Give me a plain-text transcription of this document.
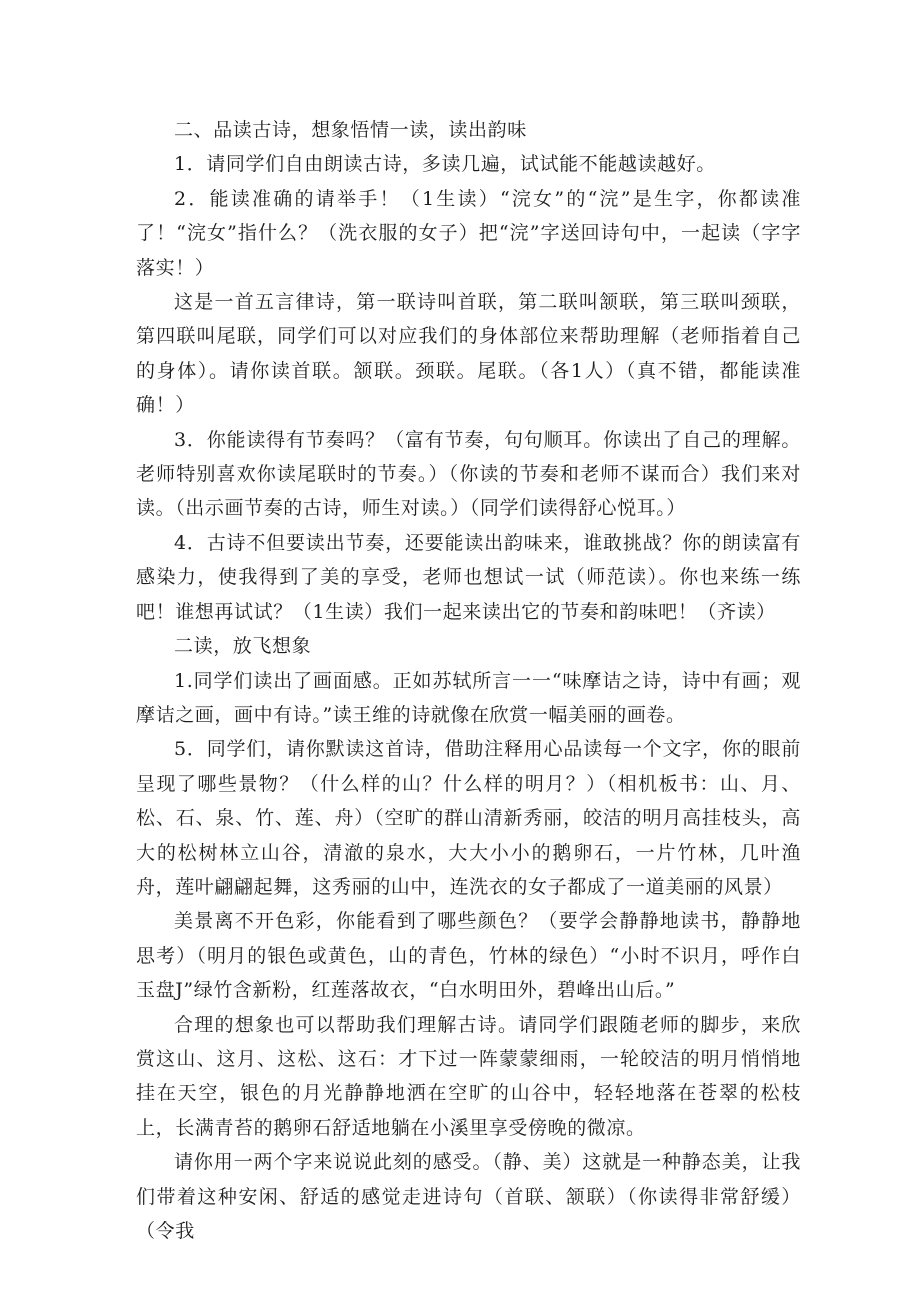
二、品读古诗，想象悟情一读，读出韵味

1．请同学们自由朗读古诗，多读几遍，试试能不能越读越好。

2．能读准确的请举手！（1生读）“浣女”的“浣”是生字，你都读准了！“浣女”指什么？（洗衣服的女子）把“浣”字送回诗句中，一起读（字字落实！）

这是一首五言律诗，第一联诗叫首联，第二联叫颔联，第三联叫颈联，第四联叫尾联，同学们可以对应我们的身体部位来帮助理解（老师指着自己的身体）。请你读首联。颔联。颈联。尾联。（各1人）（真不错，都能读准确！）

3．你能读得有节奏吗？（富有节奏，句句顺耳。你读出了自己的理解。老师特别喜欢你读尾联时的节奏。）（你读的节奏和老师不谋而合）我们来对读。（出示画节奏的古诗，师生对读。）（同学们读得舒心悦耳。）

4．古诗不但要读出节奏，还要能读出韵味来，谁敢挑战？你的朗读富有感染力，使我得到了美的享受，老师也想试一试（师范读）。你也来练一练吧！谁想再试试？（1生读）我们一起来读出它的节奏和韵味吧！（齐读）

二读，放飞想象

1.同学们读出了画面感。正如苏轼所言一一“味摩诘之诗，诗中有画；观摩诘之画，画中有诗。”读王维的诗就像在欣赏一幅美丽的画卷。

5．同学们，请你默读这首诗，借助注释用心品读每一个文字，你的眼前呈现了哪些景物？（什么样的山？什么样的明月？）（相机板书：山、月、松、石、泉、竹、莲、舟）（空旷的群山清新秀丽，皎洁的明月高挂枝头，高大的松树林立山谷，清澈的泉水，大大小小的鹅卵石，一片竹林，几叶渔舟，莲叶翩翩起舞，这秀丽的山中，连洗衣的女子都成了一道美丽的风景）

美景离不开色彩，你能看到了哪些颜色？（要学会静静地读书，静静地思考）（明月的银色或黄色，山的青色，竹林的绿色）“小时不识月，呼作白玉盘J”绿竹含新粉，红莲落故衣，“白水明田外，碧峰出山后。”

合理的想象也可以帮助我们理解古诗。请同学们跟随老师的脚步，来欣赏这山、这月、这松、这石：才下过一阵蒙蒙细雨，一轮皎洁的明月悄悄地挂在天空，银色的月光静静地洒在空旷的山谷中，轻轻地落在苍翠的松枝上，长满青苔的鹅卵石舒适地躺在小溪里享受傍晚的微凉。

请你用一两个字来说说此刻的感受。（静、美）这就是一种静态美，让我们带着这种安闲、舒适的感觉走进诗句（首联、颔联）（你读得非常舒缓）（令我
